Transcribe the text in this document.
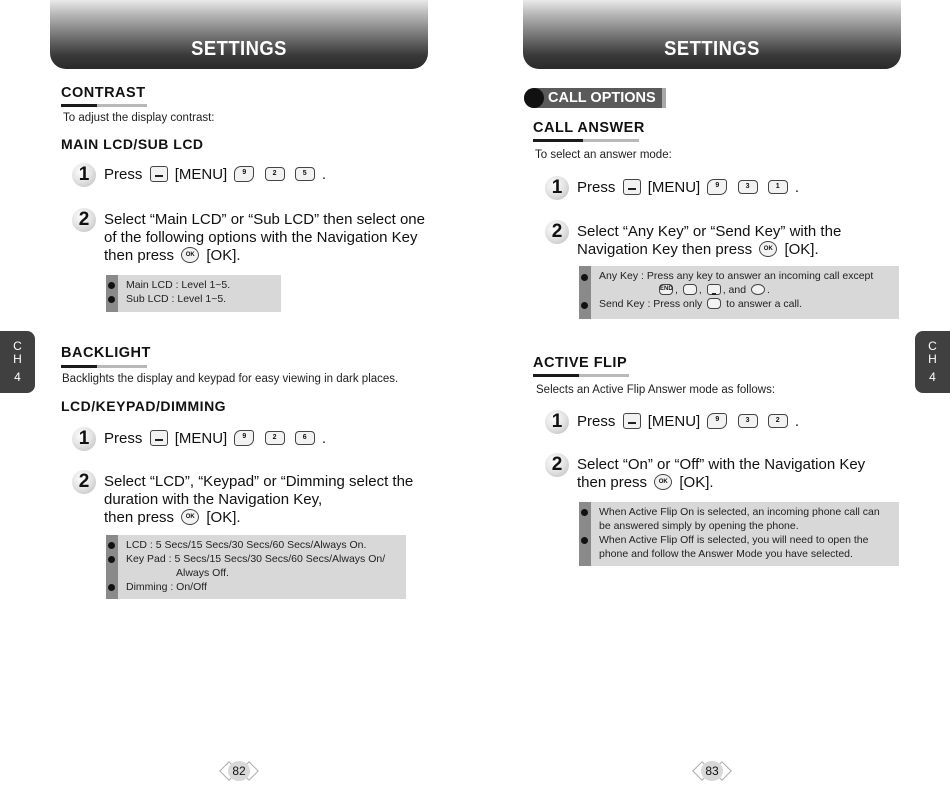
SETTINGS
CONTRAST
To adjust the display contrast:
MAIN LCD/SUB LCD
1 Press [MENU] 9	2	5 .
2 Select “Main LCD” or “Sub LCD” then select one
of the following options with the Navigation Key
then press OK [OK].
Main LCD : Level 1~5.
Sub LCD : Level 1~5.
BACKLIGHT
Backlights the display and keypad for easy viewing in dark places.
LCD/KEYPAD/DIMMING
1 Press [MENU] 9	2	6 .
2 Select “LCD”, “Keypad” or “Dimming select the
duration with the Navigation Key,
then press OK [OK].
LCD : 5 Secs/15 Secs/30 Secs/60 Secs/Always On.
Key Pad : 5 Secs/15 Secs/30 Secs/60 Secs/Always On/
Always Off.
Dimming : On/Off
C
H
4
82
SETTINGS
CALL OPTIONS
CALL ANSWER
To select an answer mode:
1 Press [MENU] 9	3	1 .
2 Select “Any Key” or “Send Key” with the
Navigation Key then press OK [OK].
Any Key : Press any key to answer an incoming call except
END , , , and .
Send Key : Press only to answer a call.
ACTIVE FLIP
Selects an Active Flip Answer mode as follows:
1 Press [MENU] 9	3	2 .
2 Select “On” or “Off” with the Navigation Key
then press OK [OK].
When Active Flip On is selected, an incoming phone call can
be answered simply by opening the phone.
When Active Flip Off is selected, you will need to open the
phone and follow the Answer Mode you have selected.
C
H
4
83
